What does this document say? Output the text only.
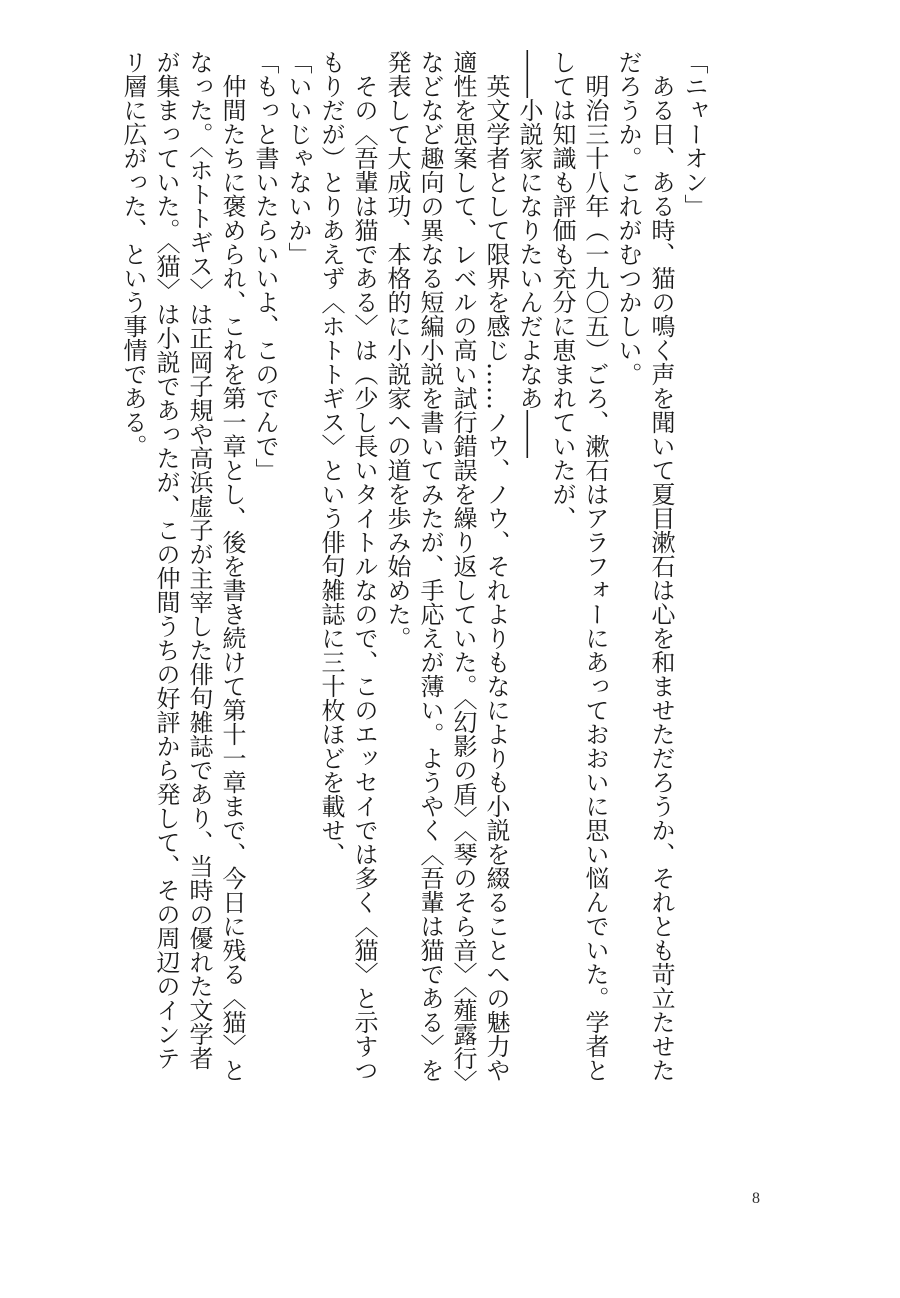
「ニャーオン」
　ある日、ある時、猫の鳴く声を聞いて夏目漱石は心を和ませただろうか、それとも苛立たせた
だろうか。これがむつかしい。
　明治三十八年（一九〇五）ごろ、漱石はアラフォーにあっておおいに思い悩んでいた。学者と
しては知識も評価も充分に恵まれていたが、
――小説家になりたいんだよなあ――
　英文学者として限界を感じ……ノウ、ノウ、それよりもなによりも小説を綴ることへの魅力や
適性を思案して、レベルの高い試行錯誤を繰り返していた。〈幻影の盾〉〈琴のそら音〉〈薤露行〉
などなど趣向の異なる短編小説を書いてみたが、手応えが薄い。ようやく〈吾輩は猫である〉を
発表して大成功、本格的に小説家への道を歩み始めた。
　その〈吾輩は猫である〉は（少し長いタイトルなので、このエッセイでは多く〈猫〉と示すつ
もりだが）とりあえず〈ホトトギス〉という俳句雑誌に三十枚ほどを載せ、
「いいじゃないか」
「もっと書いたらいいよ、このでんで」
　仲間たちに褒められ、これを第一章とし、後を書き続けて第十一章まで、今日に残る〈猫〉と
なった。〈ホトトギス〉は正岡子規や高浜虚子が主宰した俳句雑誌であり、当時の優れた文学者
が集まっていた。〈猫〉は小説であったが、この仲間うちの好評から発して、その周辺のインテ
リ層に広がった、という事情である。
8
